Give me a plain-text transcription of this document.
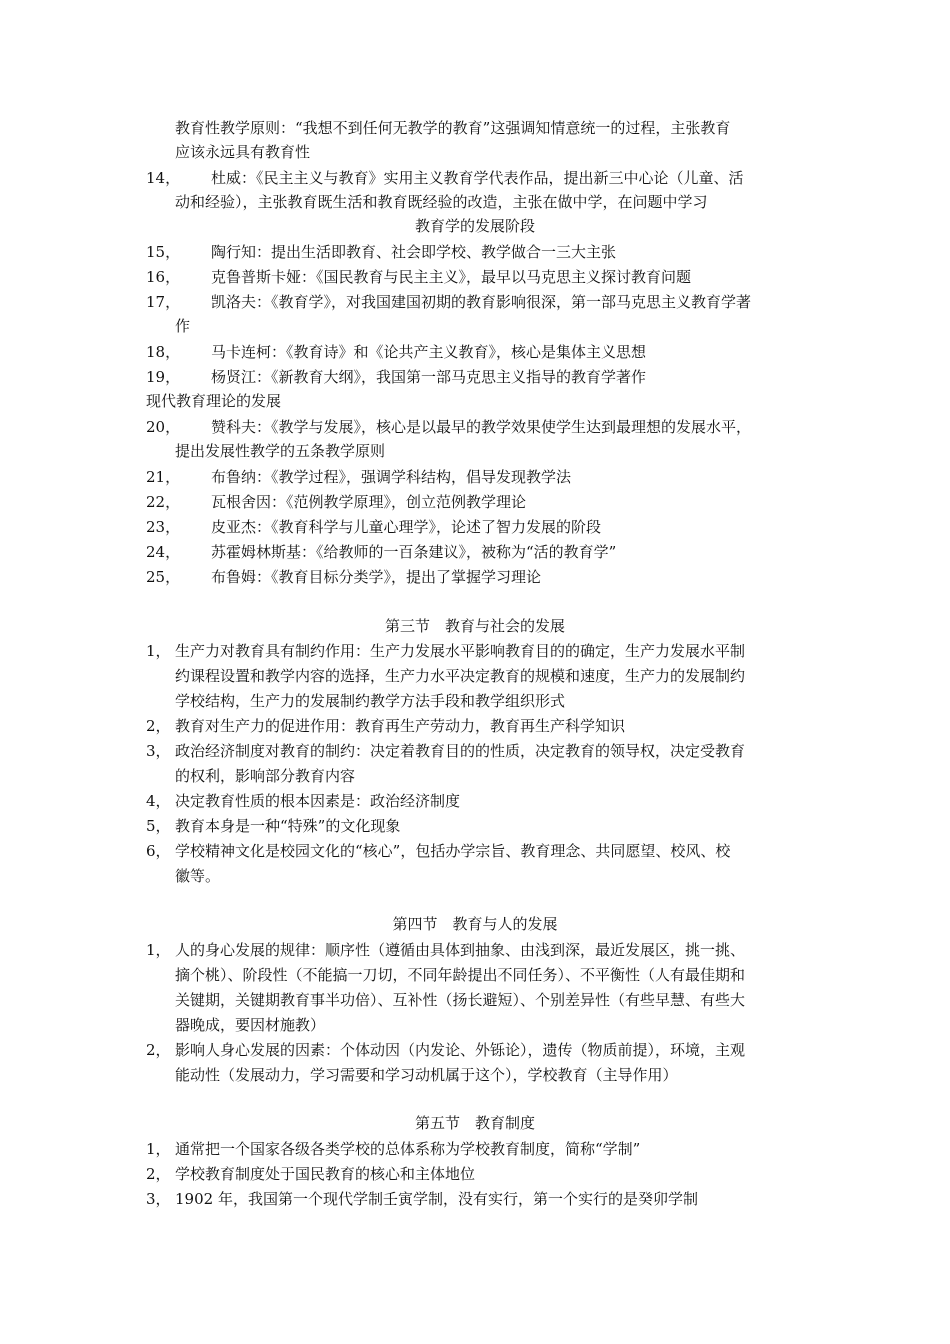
教育性教学原则：“我想不到任何无教学的教育”这强调知情意统一的过程，主张教育
应该永远具有教育性
14， 杜威：《民主主义与教育》实用主义教育学代表作品，提出新三中心论（儿童、活
动和经验），主张教育既生活和教育既经验的改造，主张在做中学，在问题中学习
教育学的发展阶段
15， 陶行知：提出生活即教育、社会即学校、教学做合一三大主张
16， 克鲁普斯卡娅：《国民教育与民主主义》，最早以马克思主义探讨教育问题
17， 凯洛夫：《教育学》，对我国建国初期的教育影响很深，第一部马克思主义教育学著
作
18， 马卡连柯：《教育诗》和《论共产主义教育》，核心是集体主义思想
19， 杨贤江：《新教育大纲》，我国第一部马克思主义指导的教育学著作
现代教育理论的发展
20， 赞科夫：《教学与发展》，核心是以最早的教学效果使学生达到最理想的发展水平，
提出发展性教学的五条教学原则
21， 布鲁纳：《教学过程》，强调学科结构，倡导发现教学法
22， 瓦根舍因：《范例教学原理》，创立范例教学理论
23， 皮亚杰：《教育科学与儿童心理学》，论述了智力发展的阶段
24， 苏霍姆林斯基：《给教师的一百条建议》，被称为“活的教育学”
25， 布鲁姆：《教育目标分类学》，提出了掌握学习理论
第三节　教育与社会的发展
1， 生产力对教育具有制约作用：生产力发展水平影响教育目的的确定，生产力发展水平制
约课程设置和教学内容的选择，生产力水平决定教育的规模和速度，生产力的发展制约
学校结构，生产力的发展制约教学方法手段和教学组织形式
2， 教育对生产力的促进作用：教育再生产劳动力，教育再生产科学知识
3， 政治经济制度对教育的制约：决定着教育目的的性质，决定教育的领导权，决定受教育
的权利，影响部分教育内容
4， 决定教育性质的根本因素是：政治经济制度
5， 教育本身是一种“特殊”的文化现象
6， 学校精神文化是校园文化的“核心”，包括办学宗旨、教育理念、共同愿望、校风、校
徽等。
第四节　教育与人的发展
1， 人的身心发展的规律：顺序性（遵循由具体到抽象、由浅到深，最近发展区，挑一挑、
摘个桃）、阶段性（不能搞一刀切，不同年龄提出不同任务）、不平衡性（人有最佳期和
关键期，关键期教育事半功倍）、互补性（扬长避短）、个别差异性（有些早慧、有些大
器晚成，要因材施教）
2， 影响人身心发展的因素：个体动因（内发论、外铄论），遗传（物质前提），环境，主观
能动性（发展动力，学习需要和学习动机属于这个），学校教育（主导作用）
第五节　教育制度
1， 通常把一个国家各级各类学校的总体系称为学校教育制度，简称“学制”
2， 学校教育制度处于国民教育的核心和主体地位
3， 1902 年，我国第一个现代学制壬寅学制，没有实行，第一个实行的是癸卯学制
